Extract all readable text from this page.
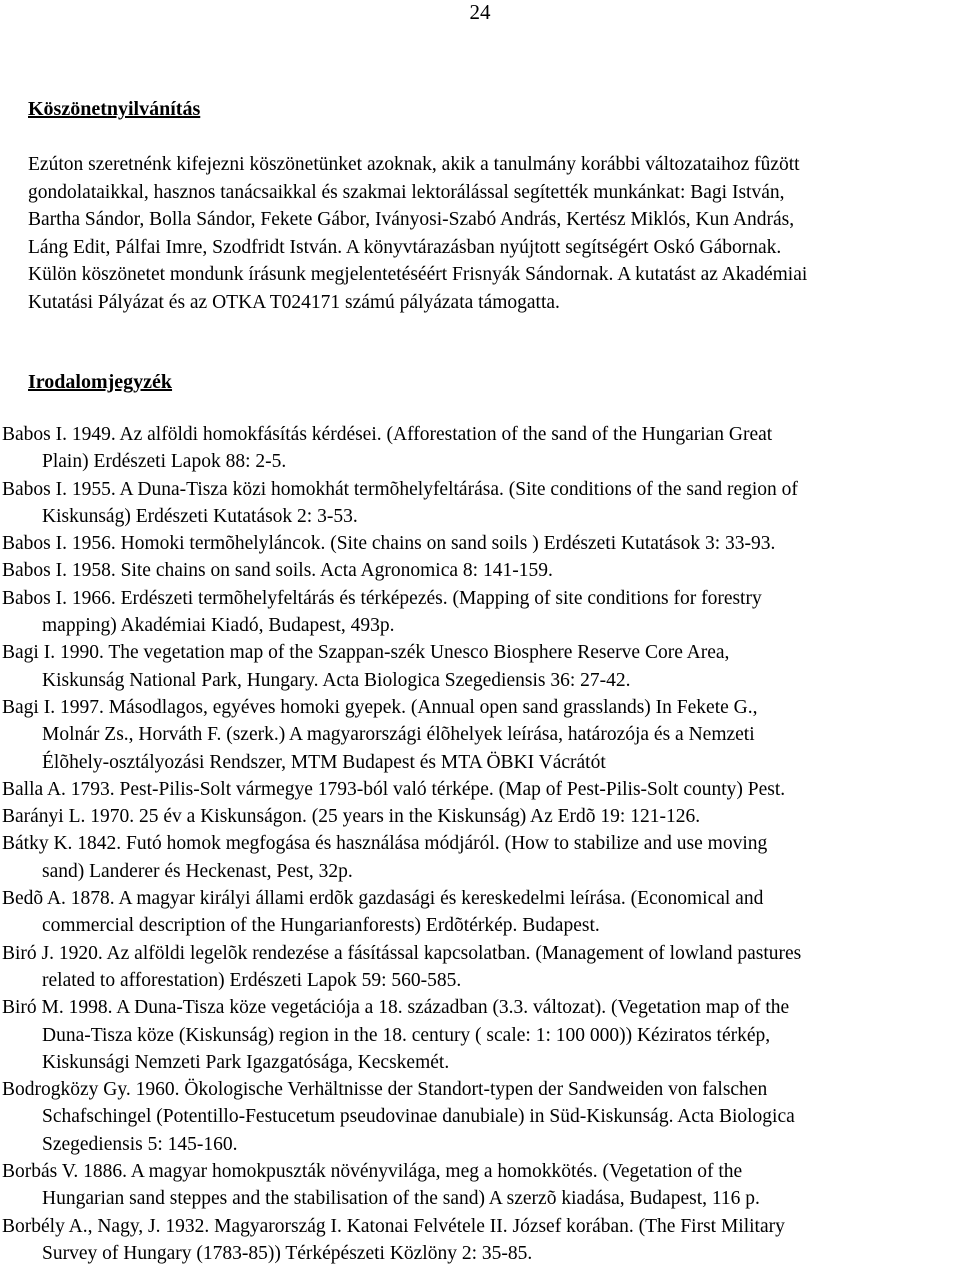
24
Köszönetnyilvánítás

Ezúton szeretnénk kifejezni köszönetünket azoknak, akik a tanulmány korábbi változataihoz fûzött
gondolataikkal, hasznos tanácsaikkal és szakmai lektorálással segítették munkánkat: Bagi István,
Bartha Sándor, Bolla Sándor, Fekete Gábor, Iványosi-Szabó András, Kertész Miklós, Kun András,
Láng Edit, Pálfai Imre, Szodfridt István. A könyvtárazásban nyújtott segítségért Oskó Gábornak.
Külön köszönetet mondunk írásunk megjelentetéséért Frisnyák Sándornak. A kutatást az Akadémiai
Kutatási Pályázat és az OTKA T024171 számú pályázata támogatta.

Irodalomjegyzék
Babos I. 1949. Az alföldi homokfásítás kérdései. (Afforestation of the sand of the Hungarian Great
Plain) Erdészeti Lapok 88: 2-5.
Babos I. 1955. A Duna-Tisza közi homokhát termõhelyfeltárása. (Site conditions of the sand region of
Kiskunság) Erdészeti Kutatások 2: 3-53.
Babos I. 1956. Homoki termõhelyláncok. (Site chains on sand soils ) Erdészeti Kutatások 3: 33-93.
Babos I. 1958. Site chains on sand soils. Acta Agronomica 8: 141-159.
Babos I. 1966. Erdészeti termõhelyfeltárás és térképezés. (Mapping of site conditions for forestry
mapping) Akadémiai Kiadó, Budapest, 493p.
Bagi I. 1990. The vegetation map of the Szappan-szék Unesco Biosphere Reserve Core Area,
Kiskunság National Park, Hungary. Acta Biologica Szegediensis 36: 27-42.
Bagi I. 1997. Másodlagos, egyéves homoki gyepek. (Annual open sand grasslands) In Fekete G.,
Molnár Zs., Horváth F. (szerk.) A magyarországi élõhelyek leírása, határozója és a Nemzeti
Élõhely-osztályozási Rendszer, MTM Budapest és MTA ÖBKI Vácrátót
Balla A. 1793. Pest-Pilis-Solt vármegye 1793-ból való térképe. (Map of Pest-Pilis-Solt county) Pest.
Barányi L. 1970. 25 év a Kiskunságon. (25 years in the Kiskunság) Az Erdõ 19: 121-126.
Bátky K. 1842. Futó homok megfogása és használása módjáról. (How to stabilize and use moving
sand) Landerer és Heckenast, Pest, 32p.
Bedõ A. 1878. A magyar királyi állami erdõk gazdasági és kereskedelmi leírása. (Economical and
commercial description of the Hungarianforests) Erdõtérkép. Budapest.
Biró J. 1920. Az alföldi legelõk rendezése a fásítással kapcsolatban. (Management of lowland pastures
related to afforestation) Erdészeti Lapok 59: 560-585.
Biró M. 1998. A Duna-Tisza köze vegetációja a 18. században (3.3. változat). (Vegetation map of the
Duna-Tisza köze (Kiskunság) region in the 18. century ( scale: 1: 100 000)) Kéziratos térkép,
Kiskunsági Nemzeti Park Igazgatósága, Kecskemét.
Bodrogközy Gy. 1960. Ökologische Verhältnisse der Standort-typen der Sandweiden von falschen
Schafschingel (Potentillo-Festucetum pseudovinae danubiale) in Süd-Kiskunság. Acta Biologica
Szegediensis 5: 145-160.
Borbás V. 1886. A magyar homokpuszták növényvilága, meg a homokkötés. (Vegetation of the
Hungarian sand steppes and the stabilisation of the sand) A szerzõ kiadása, Budapest, 116 p.
Borbély A., Nagy, J. 1932. Magyarország I. Katonai Felvétele II. József korában. (The First Military
Survey of Hungary (1783-85)) Térképészeti Közlöny 2: 35-85.
